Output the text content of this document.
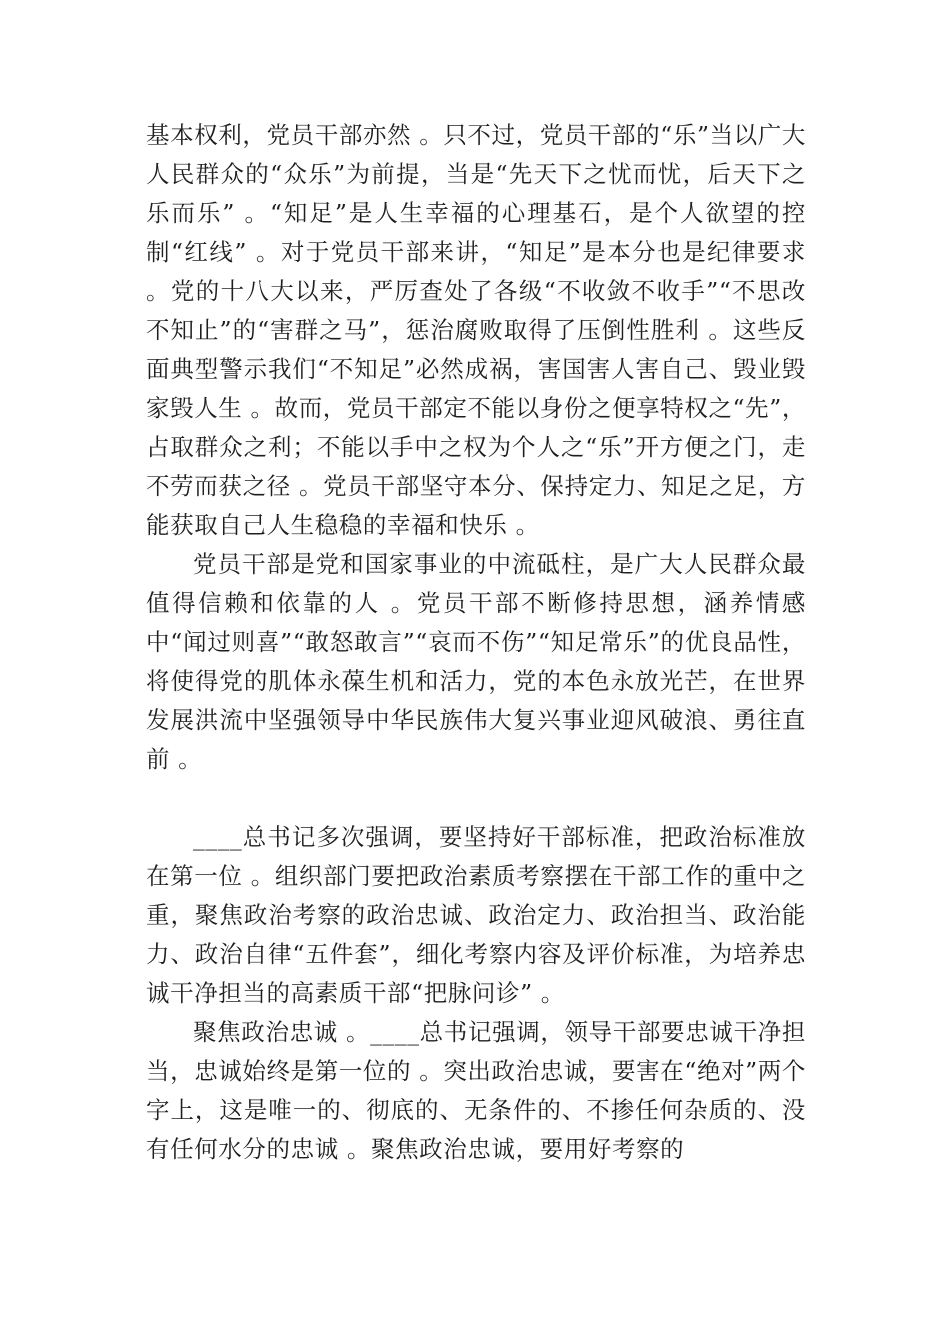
基本权利，党员干部亦然 。只不过，党员干部的“乐”当以广大人民群众的“众乐”为前提，当是“先天下之忧而忧，后天下之乐而乐” 。“知足”是人生幸福的心理基石，是个人欲望的控制“红线” 。对于党员干部来讲，“知足”是本分也是纪律要求 。党的十八大以来，严厉查处了各级“不收敛不收手”“不思改不知止”的“害群之马”，惩治腐败取得了压倒性胜利 。这些反面典型警示我们“不知足”必然成祸，害国害人害自己、毁业毁家毁人生 。故而，党员干部定不能以身份之便享特权之“先”，占取群众之利；不能以手中之权为个人之“乐”开方便之门，走不劳而获之径 。党员干部坚守本分、保持定力、知足之足，方能获取自己人生稳稳的幸福和快乐 。

党员干部是党和国家事业的中流砥柱，是广大人民群众最值得信赖和依靠的人 。党员干部不断修持思想，涵养情感中“闻过则喜”“敢怒敢言”“哀而不伤”“知足常乐”的优良品性，将使得党的肌体永葆生机和活力，党的本色永放光芒，在世界发展洪流中坚强领导中华民族伟大复兴事业迎风破浪、勇往直前 。

____总书记多次强调，要坚持好干部标准，把政治标准放在第一位 。组织部门要把政治素质考察摆在干部工作的重中之重，聚焦政治考察的政治忠诚、政治定力、政治担当、政治能力、政治自律“五件套”，细化考察内容及评价标准，为培养忠诚干净担当的高素质干部“把脉问诊” 。

聚焦政治忠诚 。____总书记强调，领导干部要忠诚干净担当，忠诚始终是第一位的 。突出政治忠诚，要害在“绝对”两个字上，这是唯一的、彻底的、无条件的、不掺任何杂质的、没有任何水分的忠诚 。聚焦政治忠诚，要用好考察的
